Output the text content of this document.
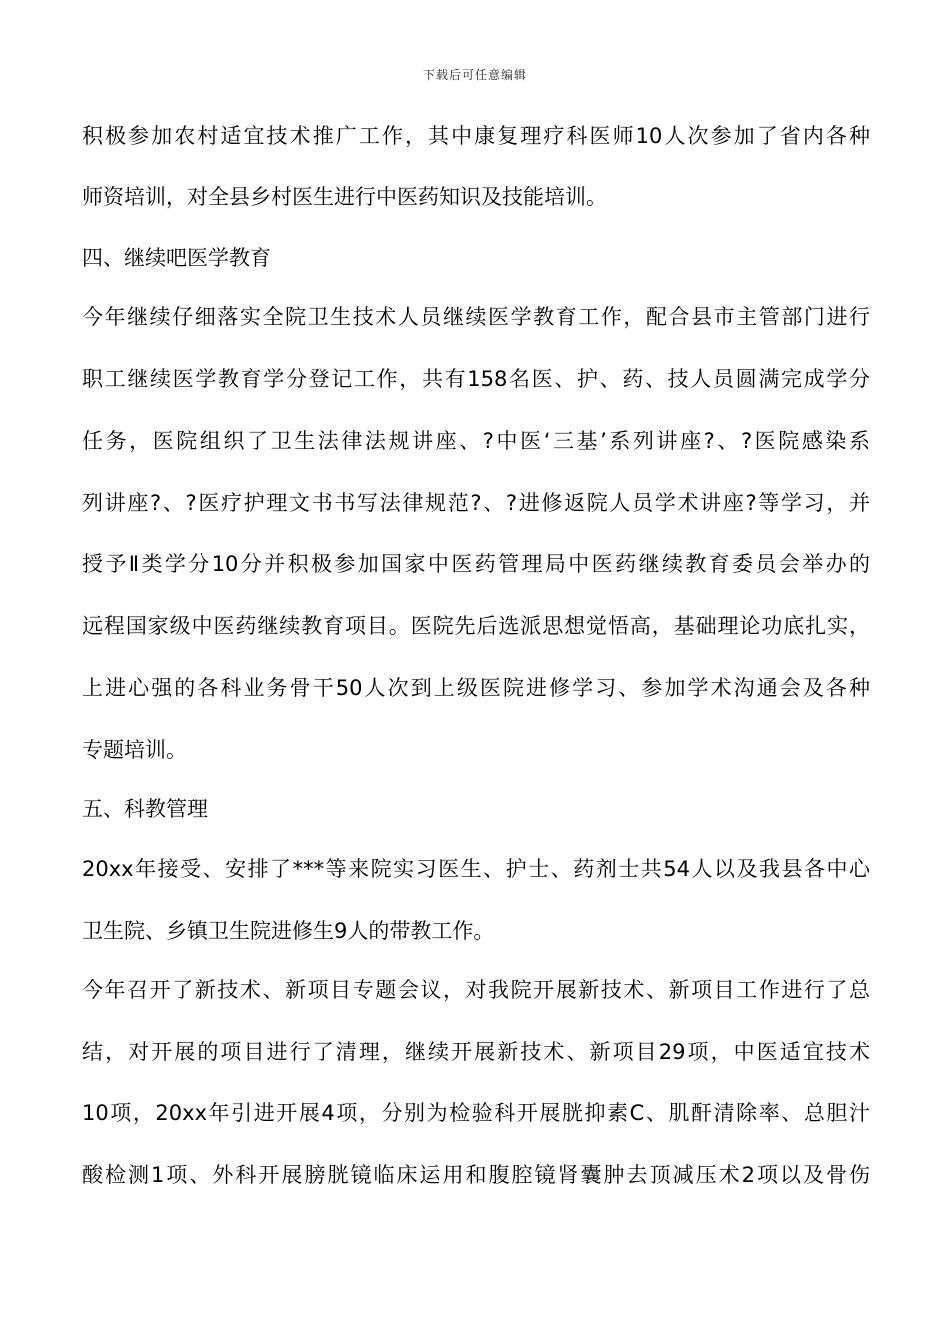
下载后可任意编辑
积极参加农村适宜技术推广工作，其中康复理疗科医师10人次参加了省内各种
师资培训，对全县乡村医生进行中医药知识及技能培训。
四、继续吧医学教育
今年继续仔细落实全院卫生技术人员继续医学教育工作，配合县市主管部门进行
职工继续医学教育学分登记工作，共有158名医、护、药、技人员圆满完成学分
任务，医院组织了卫生法律法规讲座、?中医‘三基’系列讲座?、?医院感染系
列讲座?、?医疗护理文书书写法律规范?、?进修返院人员学术讲座?等学习，并
授予Ⅱ类学分10分并积极参加国家中医药管理局中医药继续教育委员会举办的
远程国家级中医药继续教育项目。医院先后选派思想觉悟高，基础理论功底扎实，
上进心强的各科业务骨干50人次到上级医院进修学习、参加学术沟通会及各种
专题培训。
五、科教管理
20xx年接受、安排了***等来院实习医生、护士、药剂士共54人以及我县各中心
卫生院、乡镇卫生院进修生9人的带教工作。
今年召开了新技术、新项目专题会议，对我院开展新技术、新项目工作进行了总
结，对开展的项目进行了清理，继续开展新技术、新项目29项，中医适宜技术
10项，20xx年引进开展4项，分别为检验科开展胱抑素C、肌酐清除率、总胆汁
酸检测1项、外科开展膀胱镜临床运用和腹腔镜肾囊肿去顶减压术2项以及骨伤
